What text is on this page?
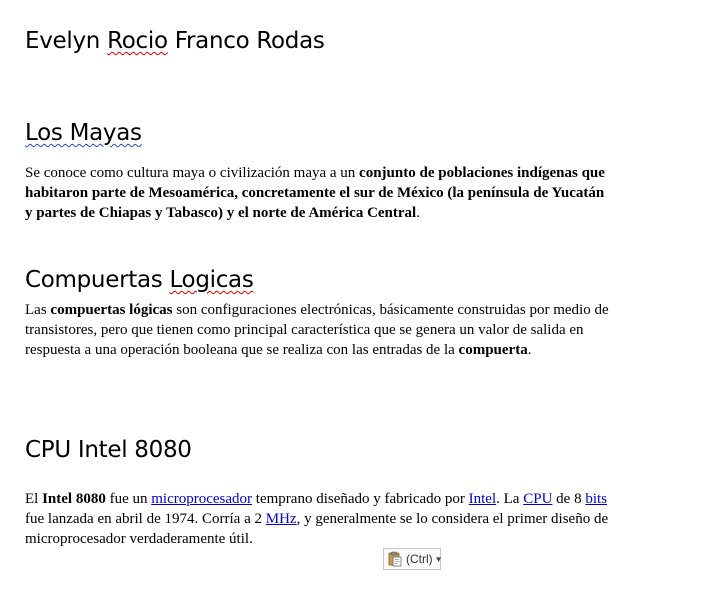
Evelyn Rocio Franco Rodas
Los Mayas

Se conoce como cultura maya o civilización maya a un conjunto de poblaciones indígenas que habitaron parte de Mesoamérica, concretamente el sur de México (la península de Yucatán y partes de Chiapas y Tabasco) y el norte de América Central.

Compuertas Logicas

Las compuertas lógicas son configuraciones electrónicas, básicamente construidas por medio de transistores, pero que tienen como principal característica que se genera un valor de salida en respuesta a una operación booleana que se realiza con las entradas de la compuerta.

CPU Intel 8080

El Intel 8080 fue un microprocesador temprano diseñado y fabricado por Intel. La CPU de 8 bits fue lanzada en abril de 1974. Corría a 2 MHz, y generalmente se lo considera el primer diseño de microprocesador verdaderamente útil.

(Ctrl) ▼
